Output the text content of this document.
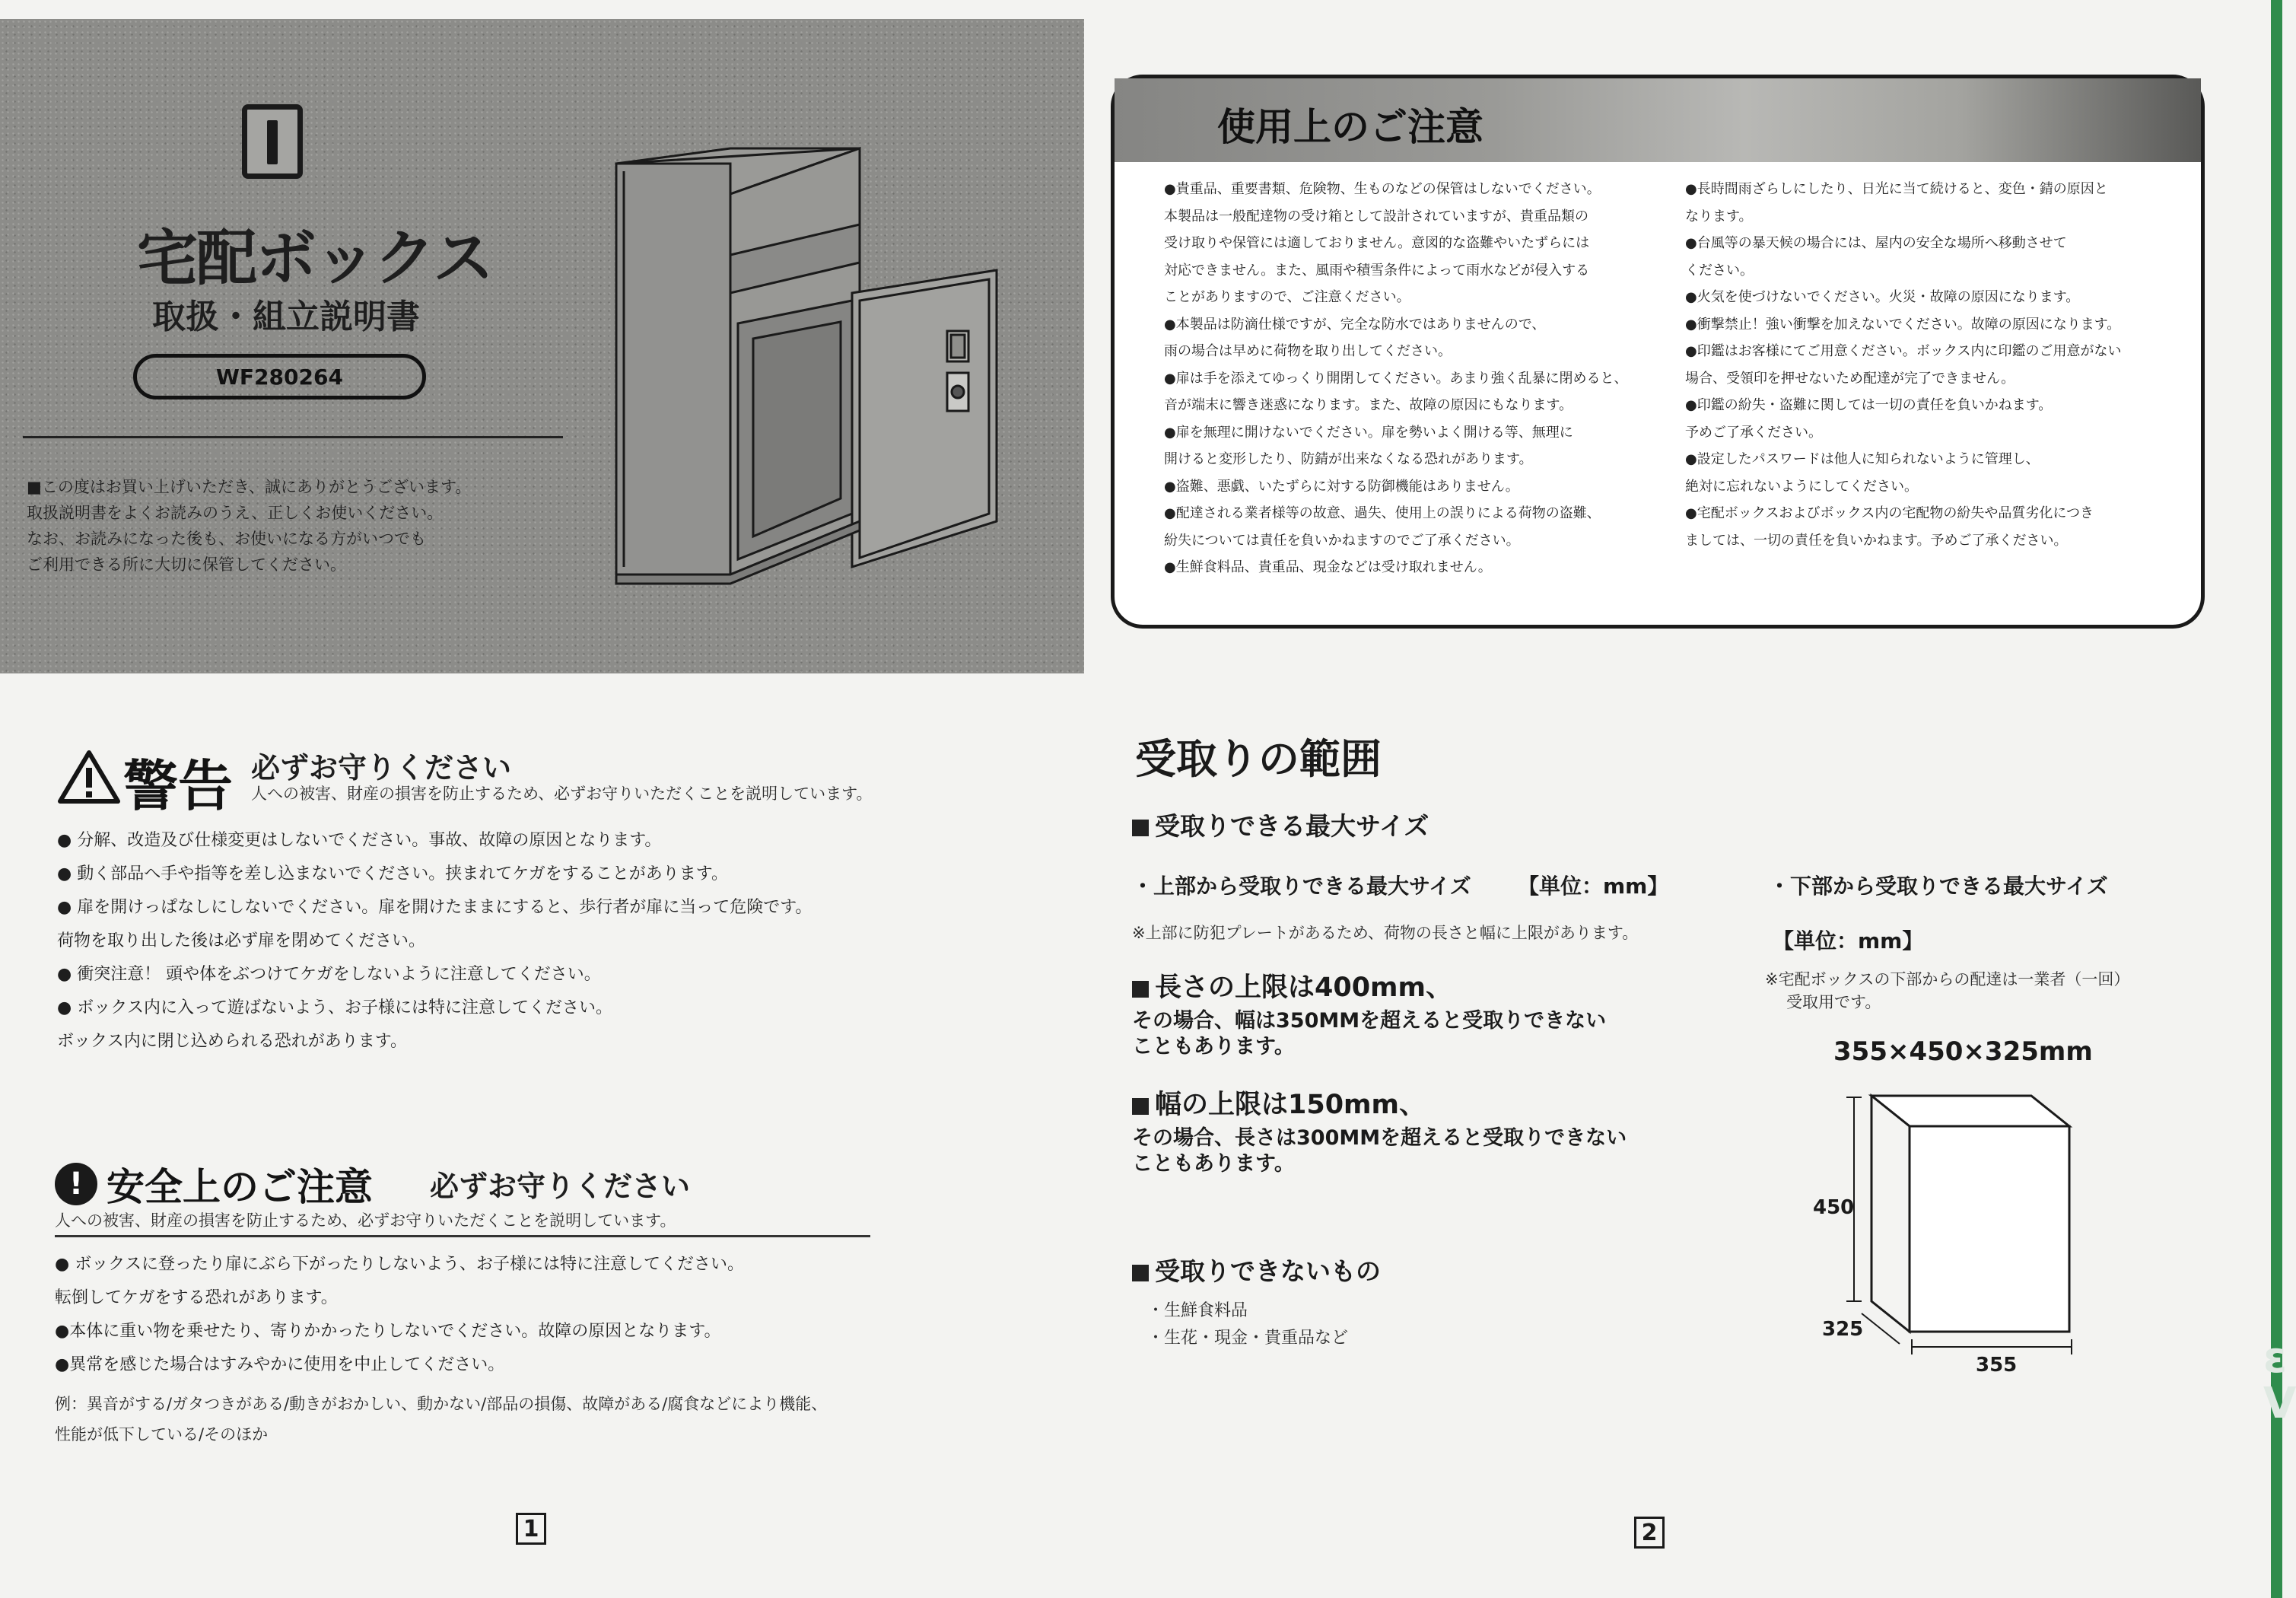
ε
V
宅配ボックス
取扱・組立説明書
WF280264
■この度はお買い上げいただき、誠にありがとうございます。
取扱説明書をよくお読みのうえ、正しくお使いください。
なお、お読みになった後も、お使いになる方がいつでも
ご利用できる所に大切に保管してください。
使用上のご注意
●貴重品、重要書類、危険物、生ものなどの保管はしないでください。
本製品は一般配達物の受け箱として設計されていますが、貴重品類の
受け取りや保管には適しておりません。意図的な盗難やいたずらには
対応できません。また、風雨や積雪条件によって雨水などが侵入する
ことがありますので、ご注意ください。
●本製品は防滴仕様ですが、完全な防水ではありませんので、
雨の場合は早めに荷物を取り出してください。
●扉は手を添えてゆっくり開閉してください。あまり強く乱暴に閉めると、
音が端末に響き迷惑になります。また、故障の原因にもなります。
●扉を無理に開けないでください。扉を勢いよく開ける等、無理に
開けると変形したり、防錆が出来なくなる恐れがあります。
●盗難、悪戯、いたずらに対する防御機能はありません。
●配達される業者様等の故意、過失、使用上の誤りによる荷物の盗難、
紛失については責任を負いかねますのでご了承ください。
●生鮮食料品、貴重品、現金などは受け取れません。
●長時間雨ざらしにしたり、日光に当て続けると、変色・錆の原因と
なります。
●台風等の暴天候の場合には、屋内の安全な場所へ移動させて
ください。
●火気を使づけないでください。火災・故障の原因になります。
●衝撃禁止！強い衝撃を加えないでください。故障の原因になります。
●印鑑はお客様にてご用意ください。ボックス内に印鑑のご用意がない
場合、受領印を押せないため配達が完了できません。
●印鑑の紛失・盗難に関しては一切の責任を負いかねます。
予めご了承ください。
●設定したパスワードは他人に知られないように管理し、
絶対に忘れないようにしてください。
●宅配ボックスおよびボックス内の宅配物の紛失や品質劣化につき
ましては、一切の責任を負いかねます。予めご了承ください。
警告 必ずお守りください
人への被害、財産の損害を防止するため、必ずお守りいただくことを説明しています。
● 分解、改造及び仕様変更はしないでください。事故、故障の原因となります。
● 動く部品へ手や指等を差し込まないでください。挟まれてケガをすることがあります。
● 扉を開けっぱなしにしないでください。扉を開けたままにすると、歩行者が扉に当って危険です。
荷物を取り出した後は必ず扉を閉めてください。
● 衝突注意！ 頭や体をぶつけてケガをしないように注意してください。
● ボックス内に入って遊ばないよう、お子様には特に注意してください。
ボックス内に閉じ込められる恐れがあります。
! 安全上のご注意 必ずお守りください
人への被害、財産の損害を防止するため、必ずお守りいただくことを説明しています。
● ボックスに登ったり扉にぶら下がったりしないよう、お子様には特に注意してください。
転倒してケガをする恐れがあります。
●本体に重い物を乗せたり、寄りかかったりしないでください。故障の原因となります。
●異常を感じた場合はすみやかに使用を中止してください。
例：異音がする/ガタつきがある/動きがおかしい、動かない/部品の損傷、故障がある/腐食などにより機能、
性能が低下している/そのほか
1
受取りの範囲
受取りできる最大サイズ
・上部から受取りできる最大サイズ 【単位：mm】
※上部に防犯プレートがあるため、荷物の長さと幅に上限があります。
長さの上限は400mm、
その場合、幅は350MMを超えると受取りできない
こともあります。
幅の上限は150mm、
その場合、長さは300MMを超えると受取りできない
こともあります。
受取りできないもの
・生鮮食料品
・生花・現金・貴重品など
・下部から受取りできる最大サイズ
【単位：mm】
※宅配ボックスの下部からの配達は一業者（一回）
受取用です。
355×450×325mm
450
325
355
2
